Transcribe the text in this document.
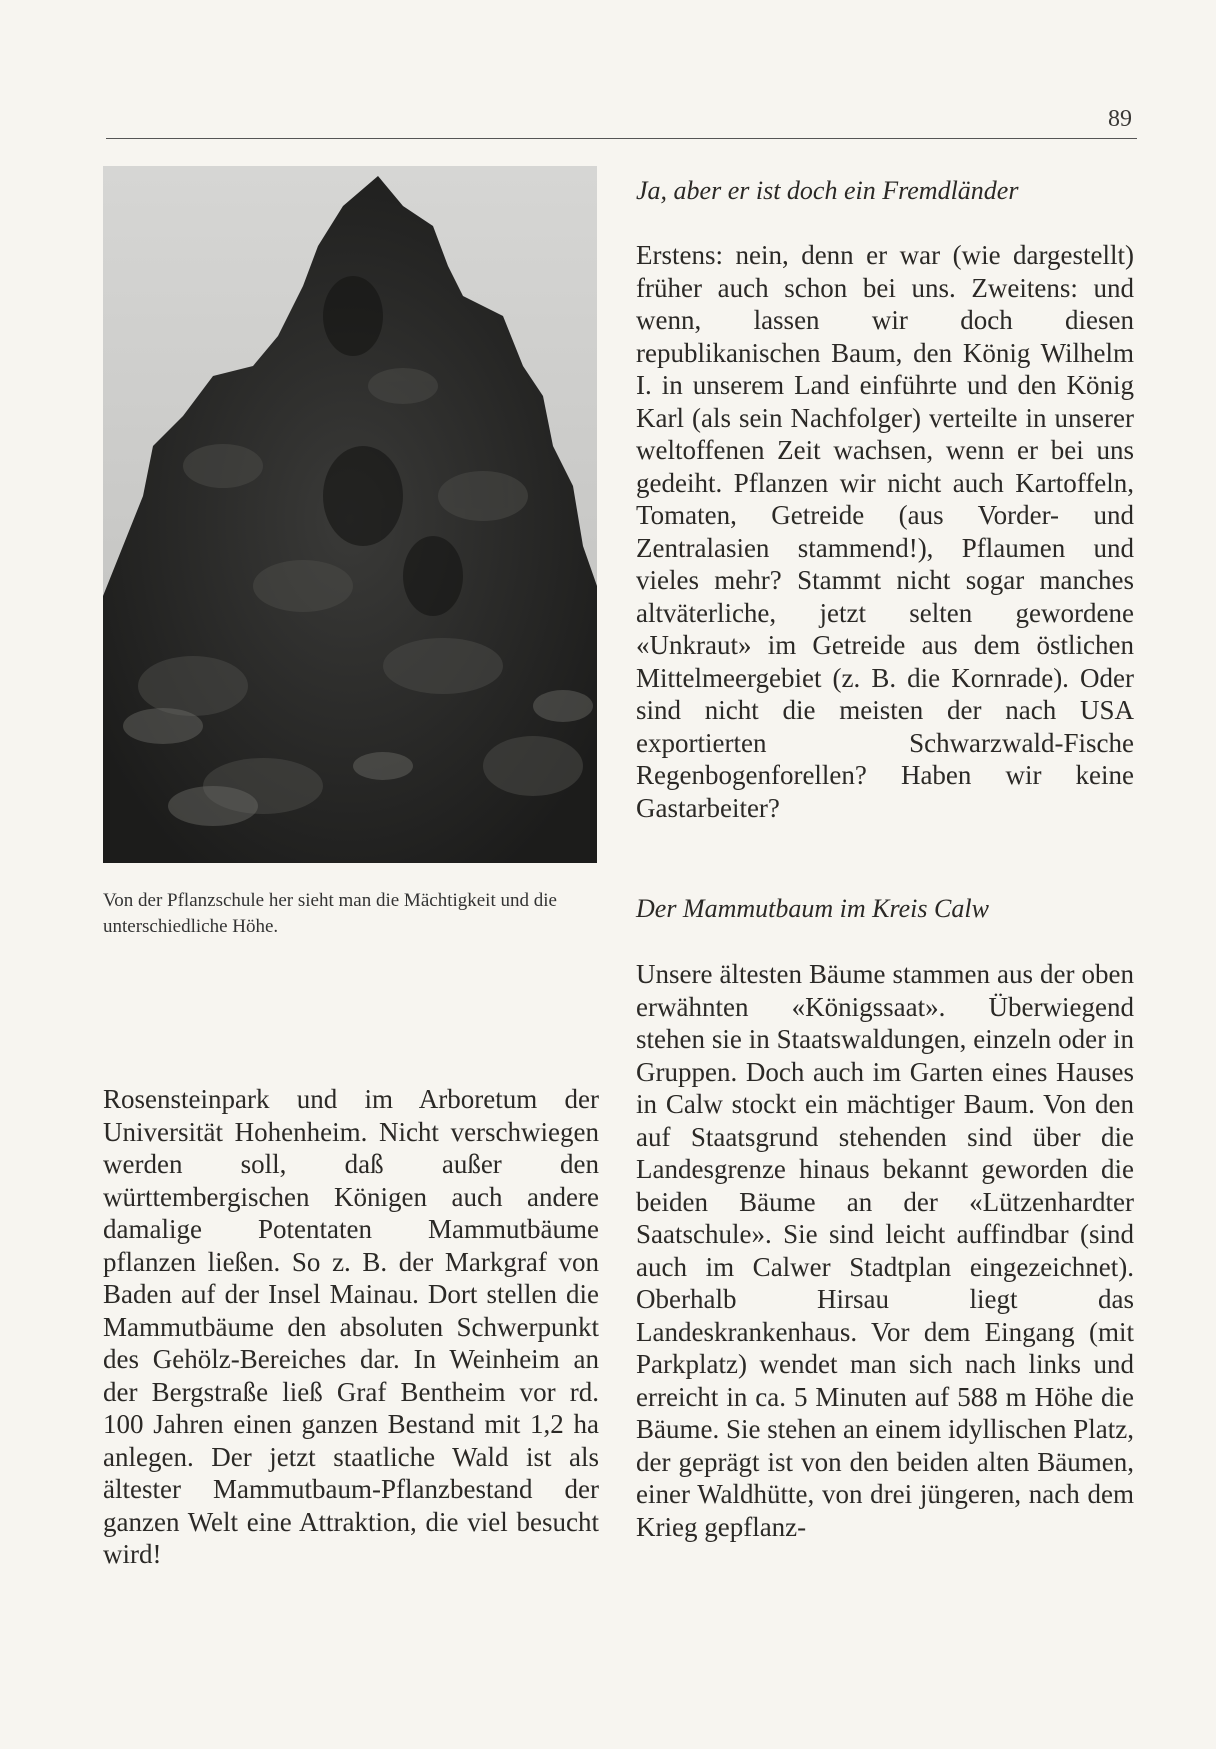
89
Von der Pflanzschule her sieht man die Mächtigkeit und die unterschiedliche Höhe.

Rosensteinpark und im Arboretum der Universität Hohenheim. Nicht verschwiegen werden soll, daß außer den württembergischen Königen auch andere damalige Potentaten Mammutbäume pflanzen ließen. So z. B. der Markgraf von Baden auf der Insel Mainau. Dort stellen die Mammutbäume den absoluten Schwerpunkt des Gehölz-Bereiches dar. In Weinheim an der Bergstraße ließ Graf Bentheim vor rd. 100 Jahren einen ganzen Bestand mit 1,2 ha anlegen. Der jetzt staatliche Wald ist als ältester Mammutbaum-Pflanzbestand der ganzen Welt eine Attraktion, die viel besucht wird!

Ja, aber er ist doch ein Fremdländer

Erstens: nein, denn er war (wie dargestellt) früher auch schon bei uns. Zweitens: und wenn, lassen wir doch diesen republikanischen Baum, den König Wilhelm I. in unserem Land einführte und den König Karl (als sein Nachfolger) verteilte in unserer weltoffenen Zeit wachsen, wenn er bei uns gedeiht. Pflanzen wir nicht auch Kartoffeln, Tomaten, Getreide (aus Vorder- und Zentralasien stammend!), Pflaumen und vieles mehr? Stammt nicht sogar manches altväterliche, jetzt selten gewordene «Unkraut» im Getreide aus dem östlichen Mittelmeergebiet (z. B. die Kornrade). Oder sind nicht die meisten der nach USA exportierten Schwarzwald-Fische Regenbogenforellen? Haben wir keine Gastarbeiter?

Der Mammutbaum im Kreis Calw

Unsere ältesten Bäume stammen aus der oben erwähnten «Königssaat». Überwiegend stehen sie in Staatswaldungen, einzeln oder in Gruppen. Doch auch im Garten eines Hauses in Calw stockt ein mächtiger Baum. Von den auf Staatsgrund stehenden sind über die Landesgrenze hinaus bekannt geworden die beiden Bäume an der «Lützenhardter Saatschule». Sie sind leicht auffindbar (sind auch im Calwer Stadtplan eingezeichnet). Oberhalb Hirsau liegt das Landeskrankenhaus. Vor dem Eingang (mit Parkplatz) wendet man sich nach links und erreicht in ca. 5 Minuten auf 588 m Höhe die Bäume. Sie stehen an einem idyllischen Platz, der geprägt ist von den beiden alten Bäumen, einer Waldhütte, von drei jüngeren, nach dem Krieg gepflanz-
